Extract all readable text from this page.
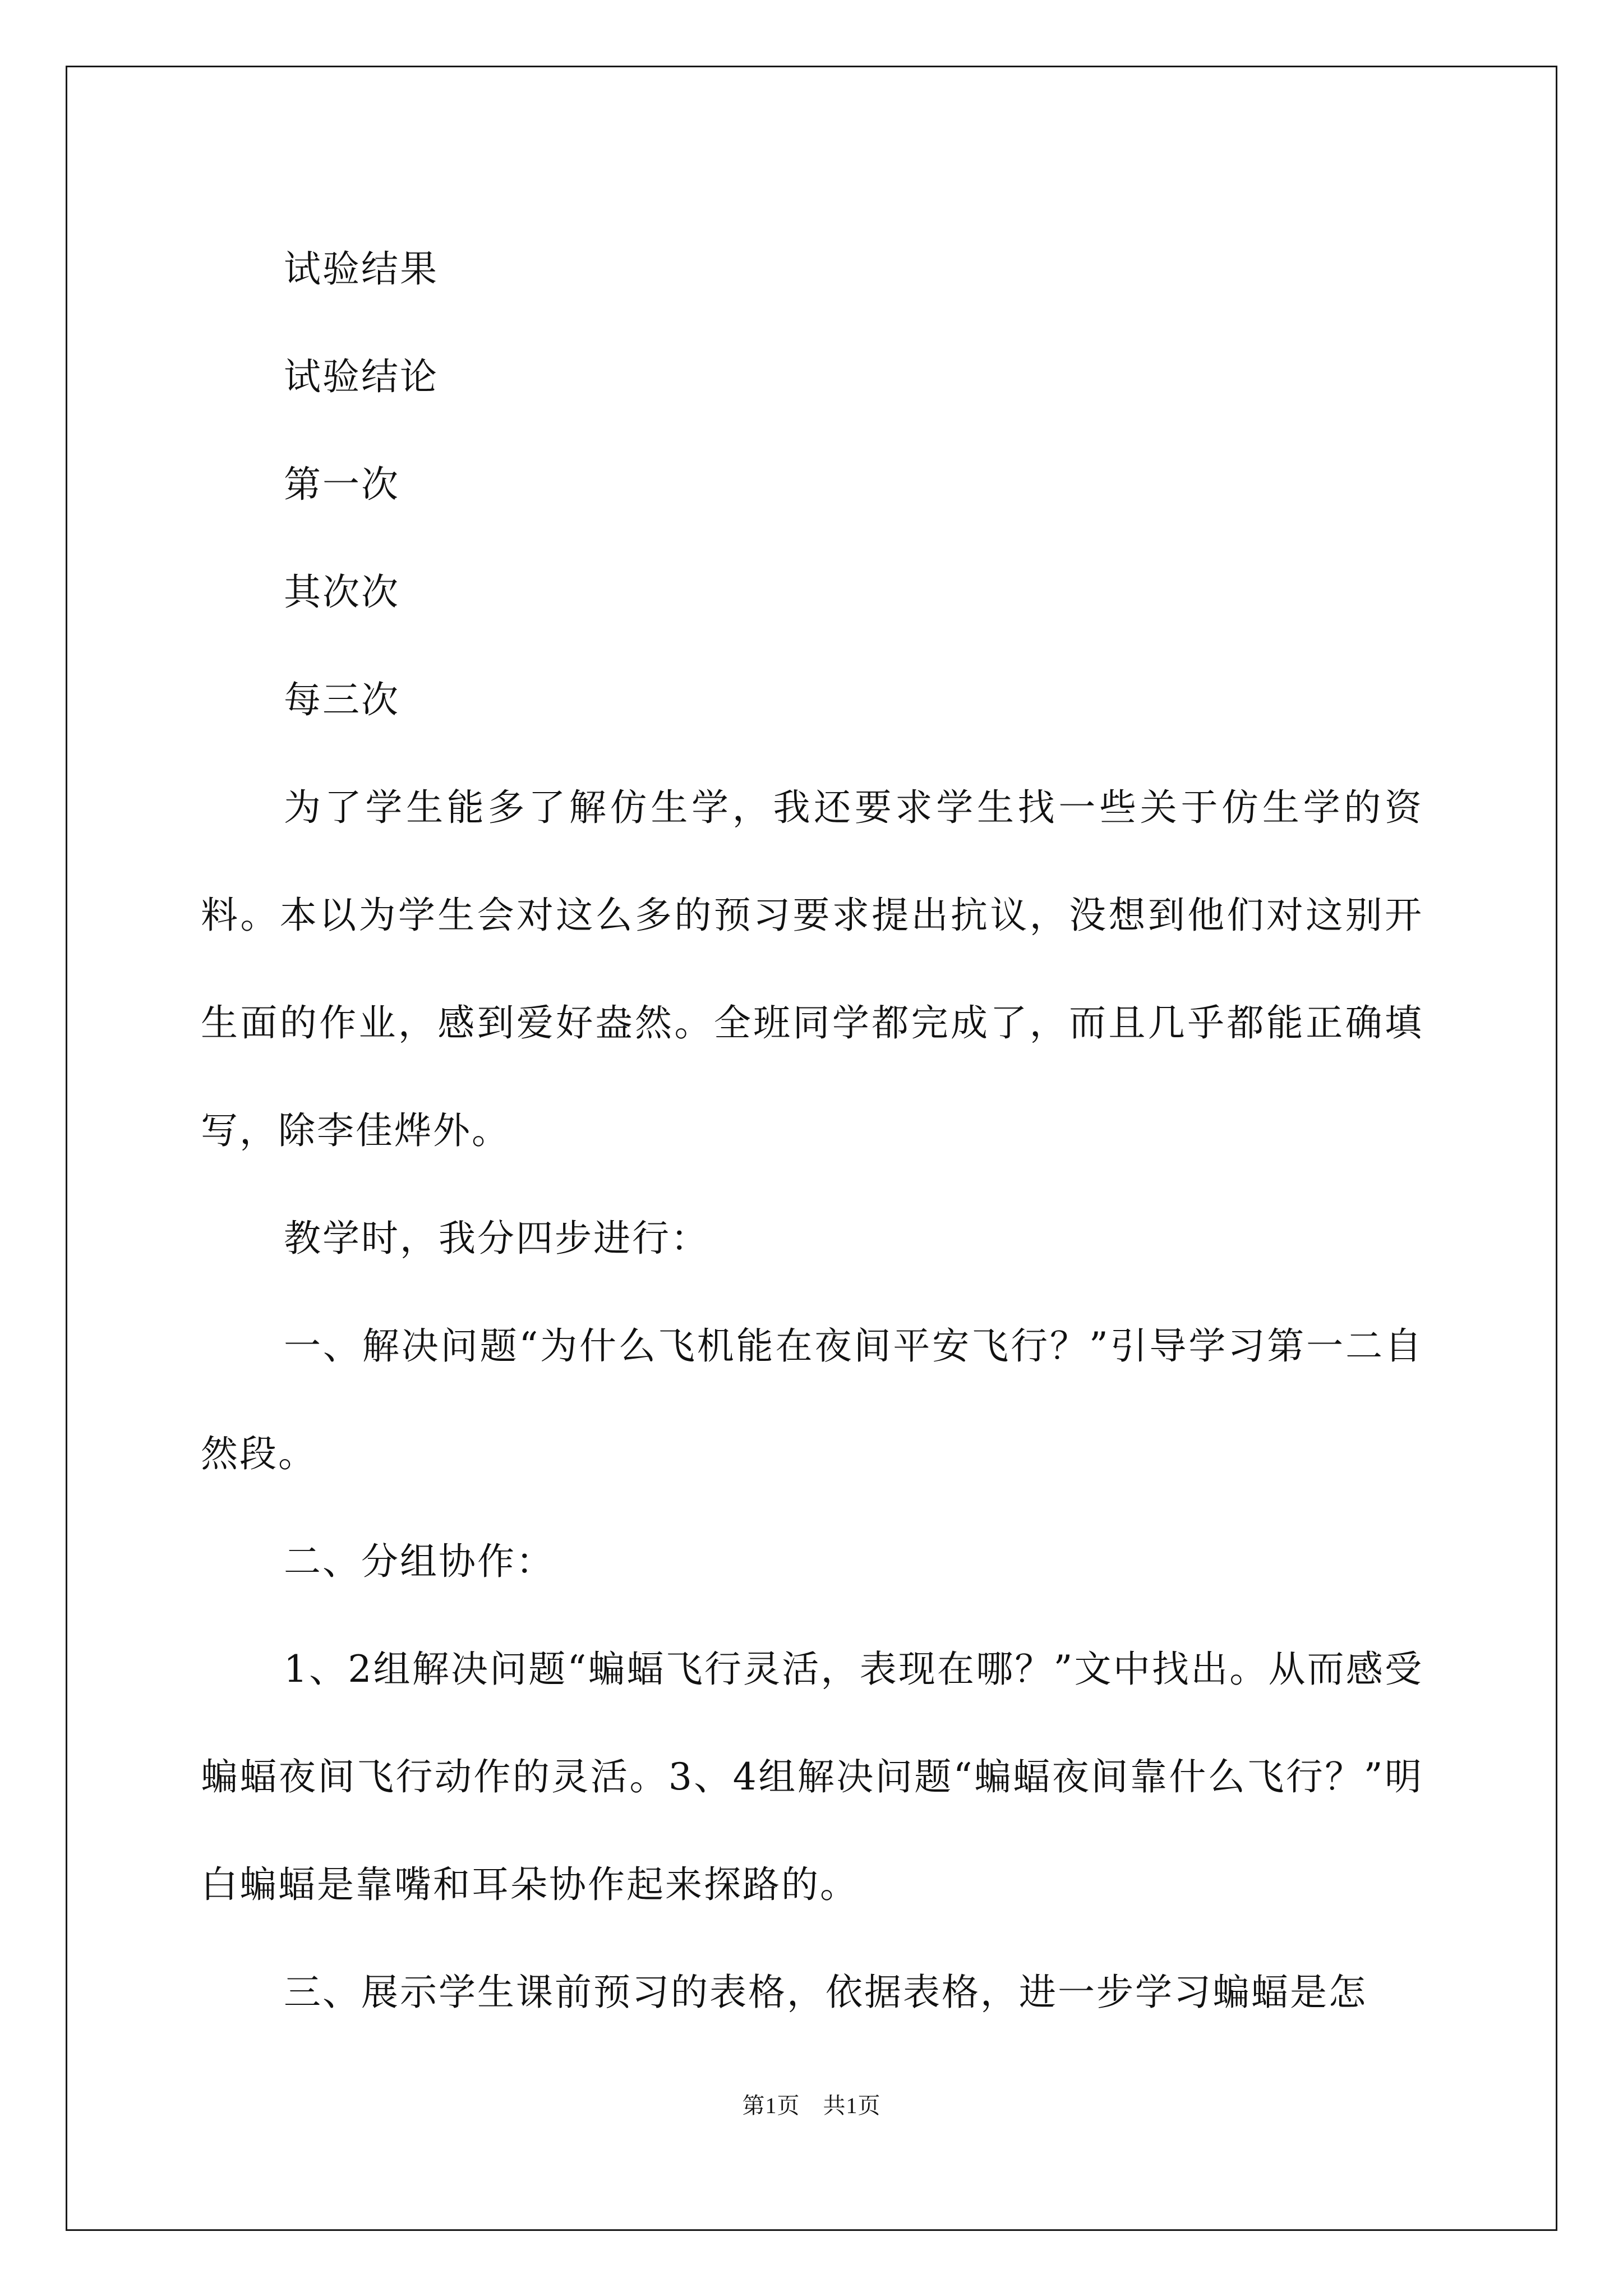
试验结果

试验结论

第一次

其次次

每三次

为了学生能多了解仿生学，我还要求学生找一些关于仿生学的资料。本以为学生会对这么多的预习要求提出抗议，没想到他们对这别开生面的作业，感到爱好盎然。全班同学都完成了，而且几乎都能正确填写，除李佳烨外。

教学时，我分四步进行：

一、解决问题“为什么飞机能在夜间平安飞行？”引导学习第一二自然段。

二、分组协作：

1、2组解决问题“蝙蝠飞行灵活，表现在哪？”文中找出。从而感受蝙蝠夜间飞行动作的灵活。3、4组解决问题“蝙蝠夜间靠什么飞行？”明白蝙蝠是靠嘴和耳朵协作起来探路的。

三、展示学生课前预习的表格，依据表格，进一步学习蝙蝠是怎

第1页　共1页
